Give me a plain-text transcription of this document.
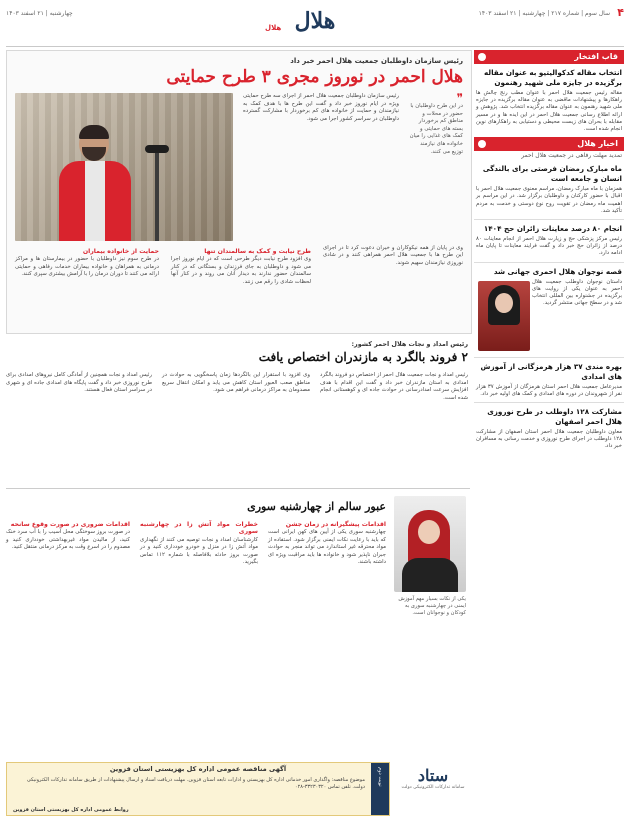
۴
سال سوم | شماره ۲۱۷ | چهارشنبه | ۲۱ اسفند ۱۴۰۳
هلال
هلال
چهارشنبه | ۲۱ اسفند ۱۴۰۳
قاب افتخار
انتخاب مقاله کدکوالیتیو به عنوان مقاله برگزیده در جایزه ملی شهید رهنمون
مقاله رئیس جمعیت هلال احمر با عنوان مطب رنج چالش ها راهکارها و پیشنهادات ماقضی به عنوان مقاله برگزیده در جایزه ملی شهید رهنمون به عنوان مقاله برگزیده انتخاب شد. پژوهش و ارائه اطلاع رسانی جمعیت هلال احمر در این ایده ها و در مسیر مقابله با بحران های زیست محیطی و دستیابی به راهکارهای نوین انجام شده است.
اخبار هلال
تمدید مهلت رفاهی در جمعیت هلال احمر
ماه مبارک رمضان فرصتی برای بالندگی انسان و جامعه است
همزمان با ماه مبارک رمضان، مراسم معنوی جمعیت هلال احمر با اقبال با حضور کارکنان و داوطلبان برگزار شد. در این مراسم بر اهمیت ماه رمضان در تقویت روح نوع دوستی و خدمت به مردم تأکید شد.
انجام ۸۰ درصد معاینات زائران حج ۱۴۰۴
رئیس مرکز پزشکی حج و زیارت هلال احمر از انجام معاینات ۸۰ درصد از زائران حج خبر داد و گفت فرایند معاینات تا پایان ماه ادامه دارد.
قصه نوجوان هلال احمری جهانی شد
داستان نوجوان داوطلب جمعیت هلال احمر به عنوان یکی از روایت های برگزیده در جشنواره بین المللی انتخاب شد و در سطح جهانی منتشر گردید.
بهره مندی ۳۷ هزار هرمزگانی از آموزش های امدادی
مدیرعامل جمعیت هلال احمر استان هرمزگان از آموزش ۳۷ هزار نفر از شهروندان در دوره های امدادی و کمک های اولیه خبر داد.
مشارکت ۱۲۸ داوطلب در طرح نوروزی هلال احمر اصفهان
معاون داوطلبان جمعیت هلال احمر استان اصفهان از مشارکت ۱۲۸ داوطلب در اجرای طرح نوروزی و خدمت رسانی به مسافران خبر داد.
رئیس سازمان داوطلبان جمعیت هلال احمر خبر داد
هلال احمر در نوروز مجری ۳ طرح حمایتی
رئیس سازمان داوطلبان جمعیت هلال احمر از اجرای سه طرح حمایتی ویژه در ایام نوروز خبر داد و گفت این طرح ها با هدف کمک به نیازمندان و حمایت از خانواده های کم برخوردار با مشارکت گسترده داوطلبان در سراسر کشور اجرا می شود.
❞
در این طرح داوطلبان با حضور در محلات و مناطق کم برخوردار بسته های حمایتی و کمک های غذایی را میان خانواده های نیازمند توزیع می کنند.
وی در پایان از همه نیکوکاران و خیران دعوت کرد تا در اجرای این طرح ها با جمعیت هلال احمر همراهی کنند و در شادی نوروزی نیازمندان سهیم شوند.
طرح نیابت و کمک به سالمندان تنها
وی افزود طرح نیابت دیگر طرحی است که در ایام نوروز اجرا می شود و داوطلبان به جای فرزندان و بستگانی که در کنار سالمندان حضور ندارند به دیدار آنان می روند و در کنار آنها لحظات شادی را رقم می زنند.
حمایت از خانواده بیماران
در طرح سوم نیز داوطلبان با حضور در بیمارستان ها و مراکز درمانی به همراهان و خانواده بیماران خدمات رفاهی و حمایتی ارائه می کنند تا دوران درمان را با آرامش بیشتری سپری کنند.
رئیس امداد و نجات هلال احمر کشور:
۲ فروند بالگرد به مازندران اختصاص یافت
رئیس امداد و نجات جمعیت هلال احمر از اختصاص دو فروند بالگرد امدادی به استان مازندران خبر داد و گفت این اقدام با هدف افزایش سرعت امدادرسانی در حوادث جاده ای و کوهستانی انجام شده است.
وی افزود با استقرار این بالگردها زمان پاسخگویی به حوادث در مناطق صعب العبور استان کاهش می یابد و امکان انتقال سریع مصدومان به مراکز درمانی فراهم می شود.
رئیس امداد و نجات همچنین از آمادگی کامل نیروهای امدادی برای طرح نوروزی خبر داد و گفت پایگاه های امدادی جاده ای و شهری در سراسر استان فعال هستند.
یکی از نکات بسیار مهم آموزش ایمنی در چهارشنبه سوری به کودکان و نوجوانان است.
عبور سالم از چهارشنبه سوری
اقدامات پیشگیرانه در زمان جشن
چهارشنبه سوری یکی از آیین های کهن ایرانی است که باید با رعایت نکات ایمنی برگزار شود. استفاده از مواد محترقه غیر استاندارد می تواند منجر به حوادث جبران ناپذیر شود و خانواده ها باید مراقبت ویژه ای داشته باشند.
خطرات مواد آتش زا در چهارشنبه سوری
کارشناسان امداد و نجات توصیه می کنند از نگهداری مواد آتش زا در منزل و خودرو خودداری کنید و در صورت بروز حادثه بلافاصله با شماره ۱۱۲ تماس بگیرید.
اقدامات ضروری در صورت وقوع سانحه
در صورت بروز سوختگی محل آسیب را با آب سرد خنک کنید، از مالیدن مواد غیربهداشتی خودداری کنید و مصدوم را در اسرع وقت به مرکز درمانی منتقل کنید.
نوبت دوم
آگهی مناقصه عمومی اداره کل بهزیستی استان قزوین
موضوع مناقصه: واگذاری امور خدماتی اداره کل بهزیستی و ادارات تابعه استان قزوین. مهلت دریافت اسناد و ارسال پیشنهادات از طریق سامانه تدارکات الکترونیکی دولت. تلفن تماس ۳۳۲۳۰۳۲۰-۰۲۸
روابط عمومی اداره کل بهزیستی استان قزوین
ستاد
سامانه تدارکات الکترونیکی دولت
